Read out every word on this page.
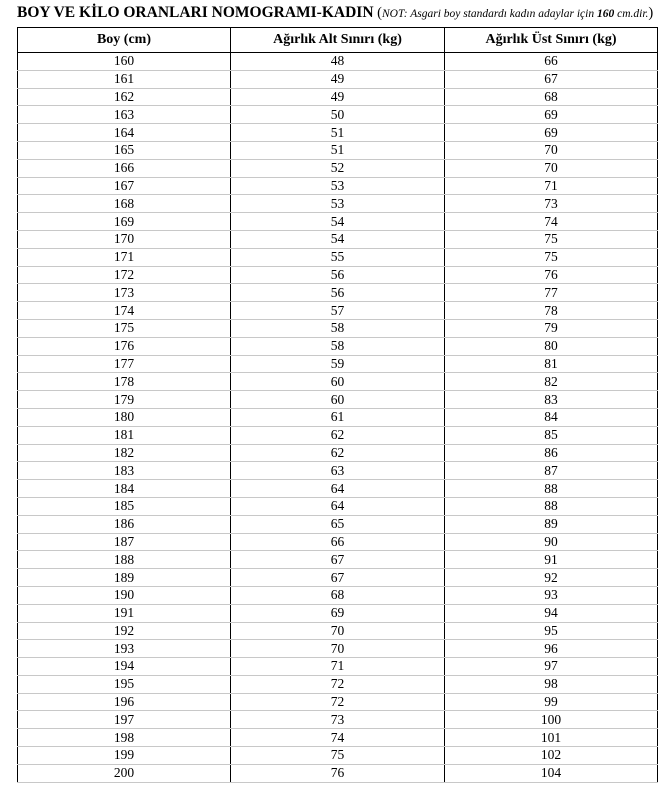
BOY VE KİLO ORANLARI NOMOGRAMI-KADIN (NOT: Asgari boy standardı kadın adaylar için 160 cm.dir.)
Boy (cm)	Ağırlık Alt Sınırı (kg)	Ağırlık Üst Sınırı (kg)
160	48	66
161	49	67
162	49	68
163	50	69
164	51	69
165	51	70
166	52	70
167	53	71
168	53	73
169	54	74
170	54	75
171	55	75
172	56	76
173	56	77
174	57	78
175	58	79
176	58	80
177	59	81
178	60	82
179	60	83
180	61	84
181	62	85
182	62	86
183	63	87
184	64	88
185	64	88
186	65	89
187	66	90
188	67	91
189	67	92
190	68	93
191	69	94
192	70	95
193	70	96
194	71	97
195	72	98
196	72	99
197	73	100
198	74	101
199	75	102
200	76	104
